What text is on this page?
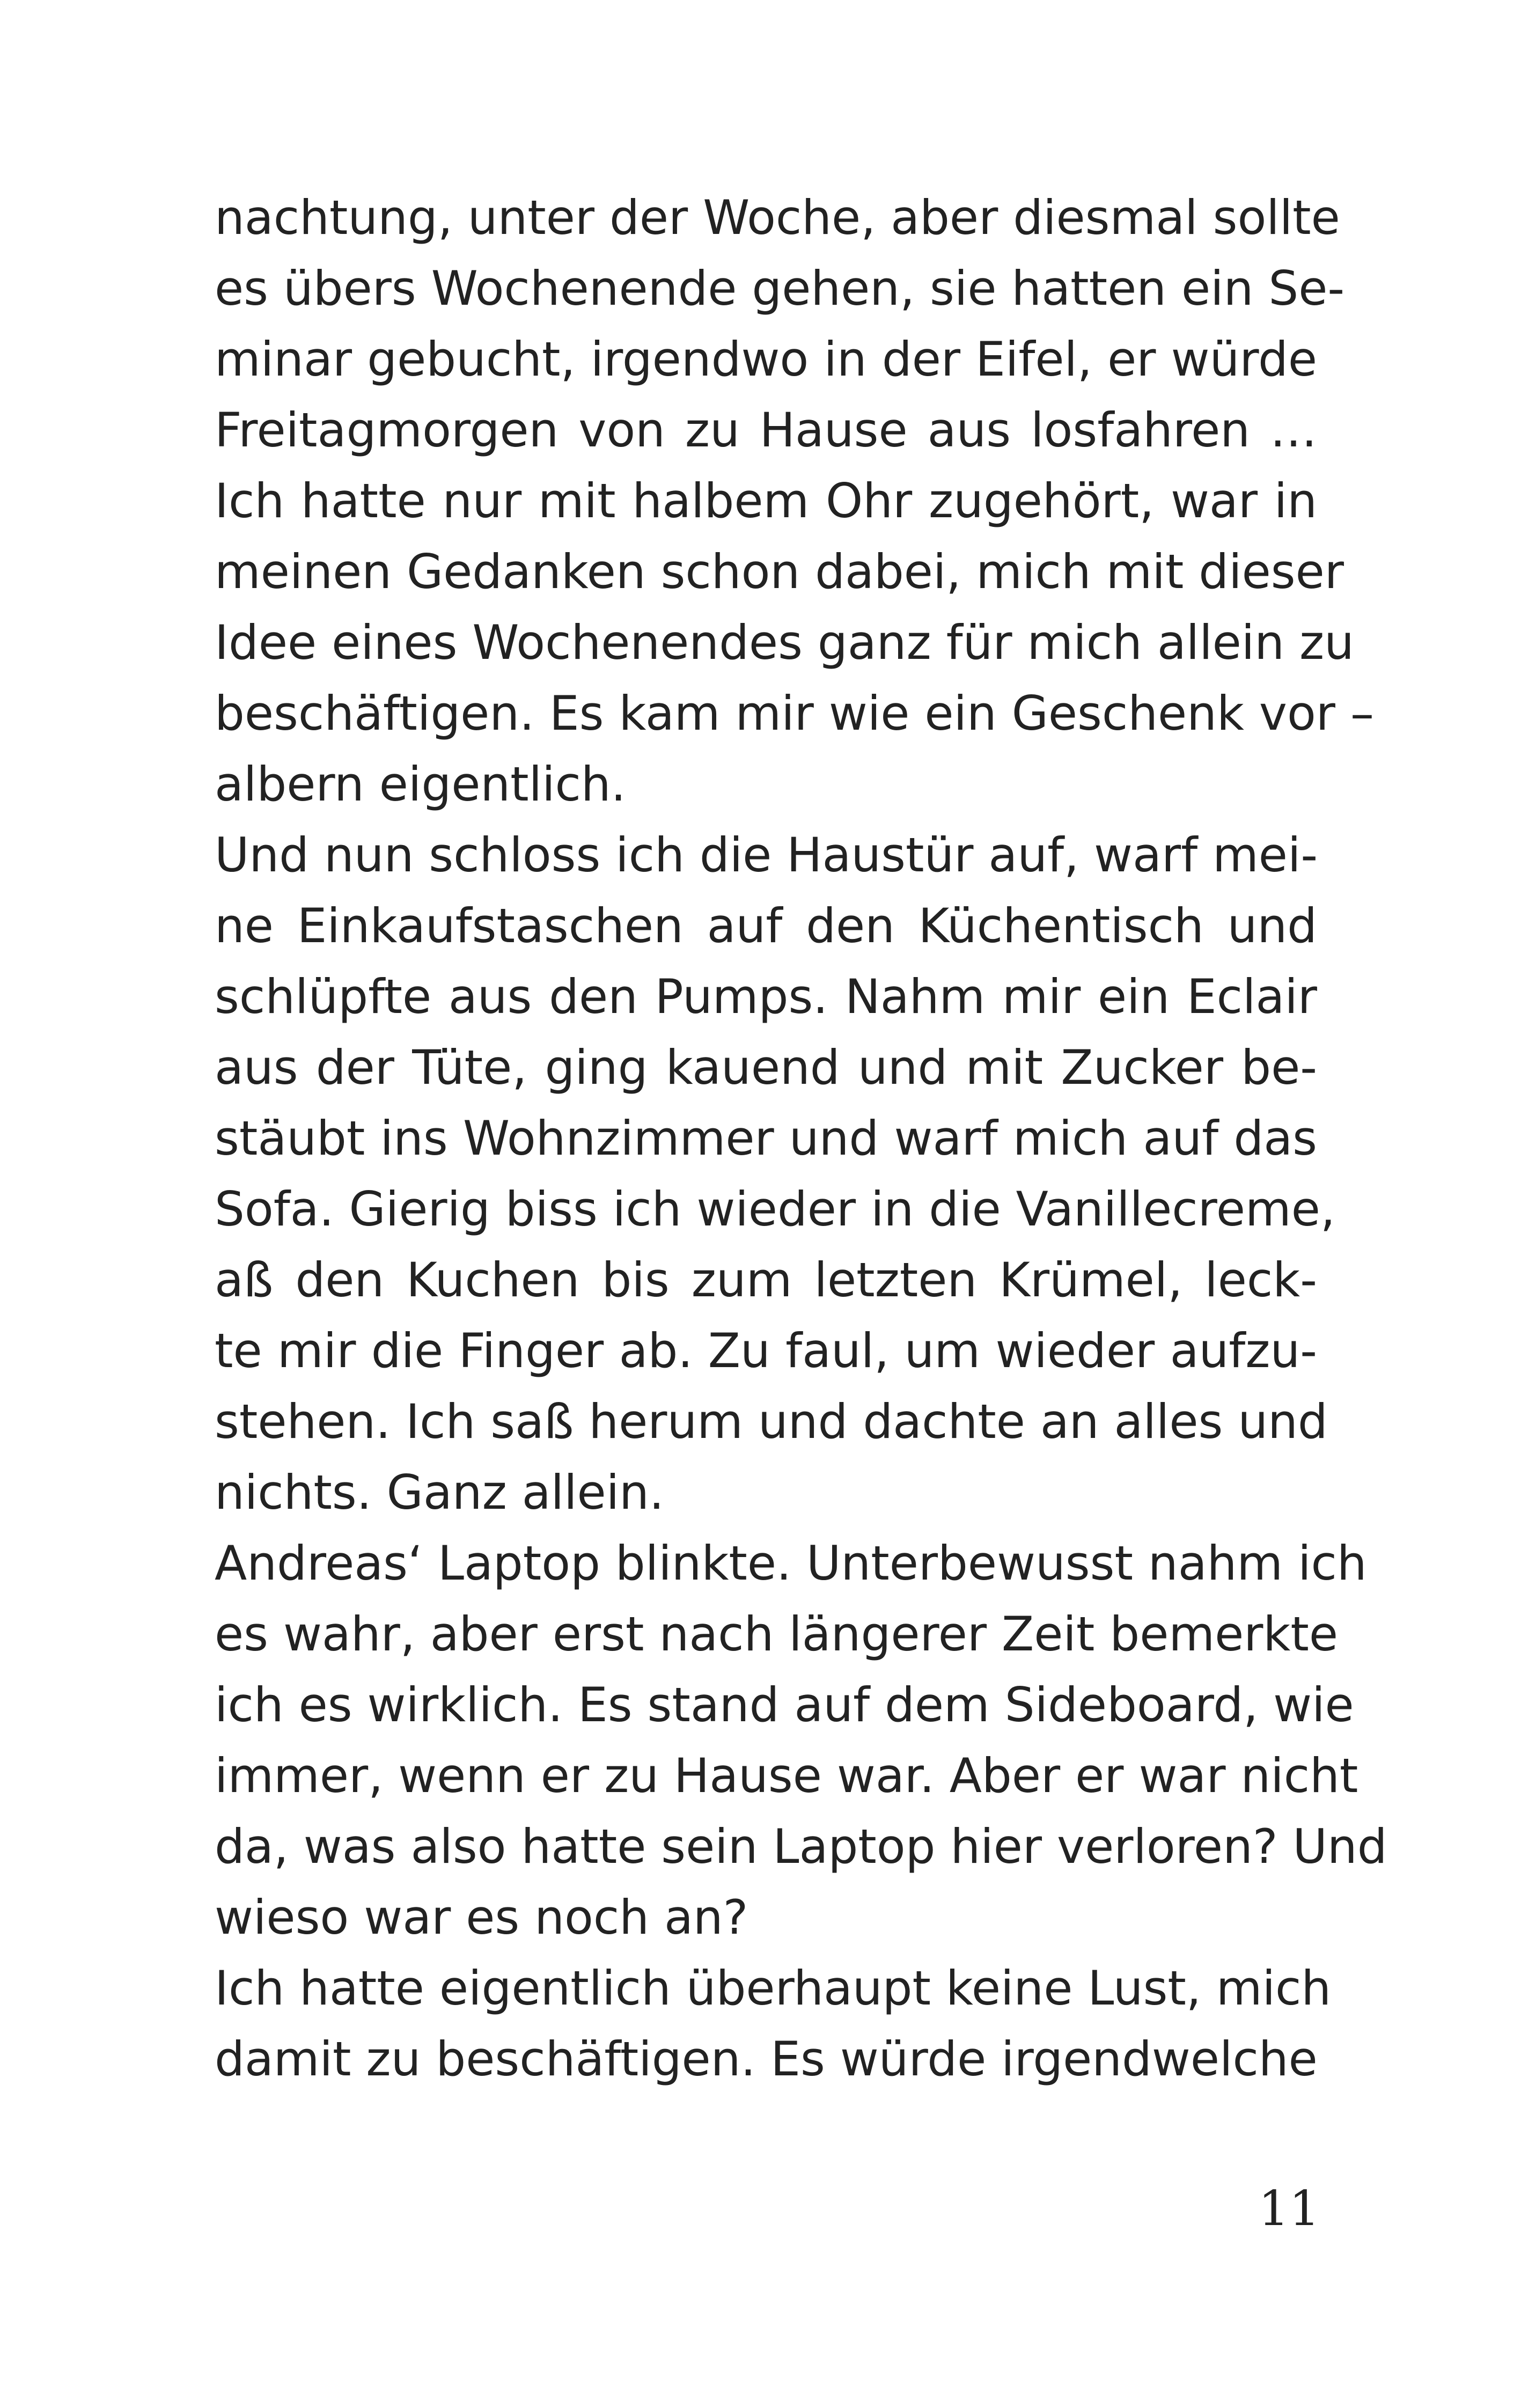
nachtung, unter der Woche, aber diesmal sollte
es übers Wochenende gehen, sie hatten ein Se-
minar gebucht, irgendwo in der Eifel, er würde
Freitagmorgen von zu Hause aus losfahren …
Ich hatte nur mit halbem Ohr zugehört, war in
meinen Gedanken schon dabei, mich mit dieser
Idee eines Wochenendes ganz für mich allein zu
beschäftigen. Es kam mir wie ein Geschenk vor –
albern eigentlich.
Und nun schloss ich die Haustür auf, warf mei-
ne Einkaufstaschen auf den Küchentisch und
schlüpfte aus den Pumps. Nahm mir ein Eclair
aus der Tüte, ging kauend und mit Zucker be-
stäubt ins Wohnzimmer und warf mich auf das
Sofa. Gierig biss ich wieder in die Vanillecreme,
aß den Kuchen bis zum letzten Krümel, leck-
te mir die Finger ab. Zu faul, um wieder aufzu-
stehen. Ich saß herum und dachte an alles und
nichts. Ganz allein.
Andreas‘ Laptop blinkte. Unterbewusst nahm ich
es wahr, aber erst nach längerer Zeit bemerkte
ich es wirklich. Es stand auf dem Sideboard, wie
immer, wenn er zu Hause war. Aber er war nicht
da, was also hatte sein Laptop hier verloren? Und
wieso war es noch an?
Ich hatte eigentlich überhaupt keine Lust, mich
damit zu beschäftigen. Es würde irgendwelche
11
